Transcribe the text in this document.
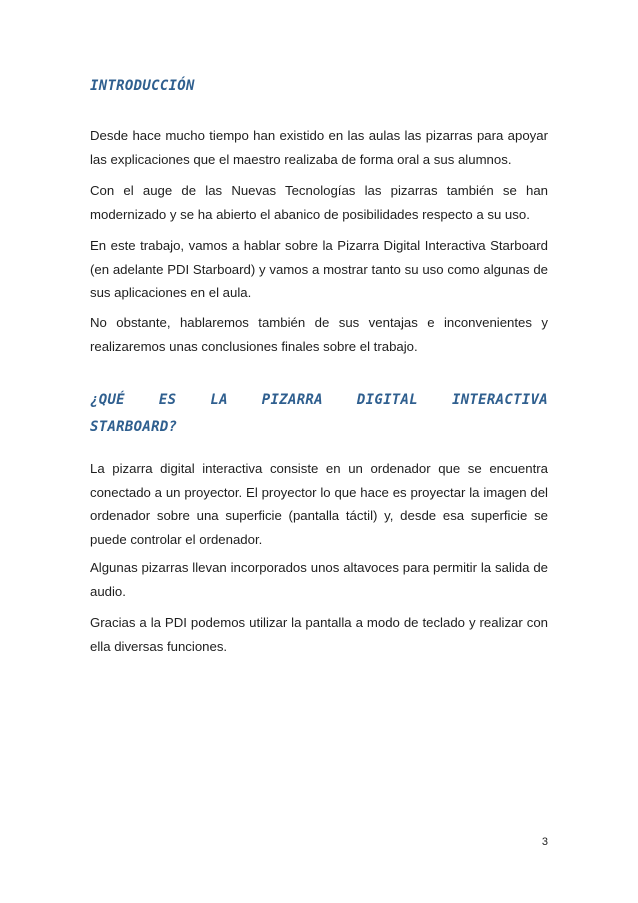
INTRODUCCIÓN

Desde hace mucho tiempo han existido en las aulas las pizarras para apoyar las explicaciones que el maestro realizaba de forma oral a sus alumnos.

Con el auge de las Nuevas Tecnologías las pizarras también se han modernizado y se ha abierto el abanico de posibilidades respecto a su uso.

En este trabajo, vamos a hablar sobre la Pizarra Digital Interactiva Starboard (en adelante PDI Starboard) y vamos a mostrar tanto su uso como algunas de sus aplicaciones en el aula.

No obstante, hablaremos también de sus ventajas e inconvenientes y realizaremos unas conclusiones finales sobre el trabajo.

¿QUÉ ES LA PIZARRA DIGITAL INTERACTIVA
STARBOARD?

La pizarra digital interactiva consiste en un ordenador que se encuentra conectado a un proyector. El proyector lo que hace es proyectar la imagen del ordenador sobre una superficie (pantalla táctil) y, desde esa superficie se puede controlar el ordenador.

Algunas pizarras llevan incorporados unos altavoces para permitir la salida de audio.

Gracias a la PDI podemos utilizar la pantalla a modo de teclado y realizar con ella diversas funciones.

3
